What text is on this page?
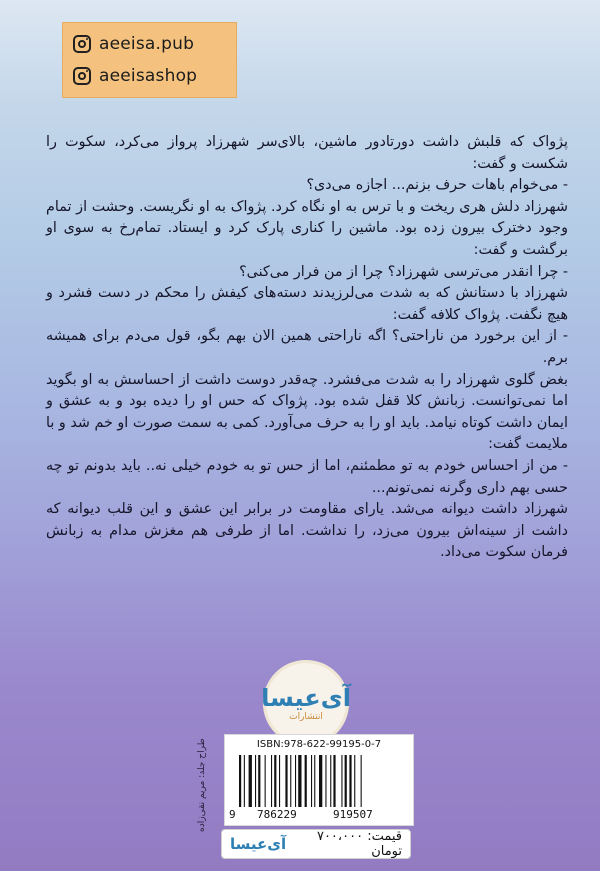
aeeisa.pub
aeeisashop

پژواک که قلبش داشت دورتادور ماشین، بالای‌سر شهرزاد پرواز می‌کرد، سکوت را شکست و گفت:

- می‌خوام باهات حرف بزنم... اجازه می‌دی؟

شهرزاد دلش هری ریخت و با ترس به او نگاه کرد. پژواک به او نگریست. وحشت از تمام وجود دخترک بیرون زده بود. ماشین را کناری پارک کرد و ایستاد. تمام‌رخ به سوی او برگشت و گفت:

- چرا انقدر می‌ترسی شهرزاد؟ چرا از من فرار می‌کنی؟

شهرزاد با دستانش که به شدت می‌لرزیدند دسته‌های کیفش را محکم در دست فشرد و هیچ نگفت. پژواک کلافه گفت:

- از این برخورد من ناراحتی؟ اگه ناراحتی همین الان بهم بگو، قول می‌دم برای همیشه برم.

بغض گلوی شهرزاد را به شدت می‌فشرد. چه‌قدر دوست داشت از احساسش به او بگوید اما نمی‌توانست. زبانش کلا قفل شده بود. پژواک که حس او را دیده بود و به عشق و ایمان داشت کوتاه نیامد. باید او را به حرف می‌آورد. کمی به سمت صورت او خم شد و با ملایمت گفت:

- من از احساس خودم به تو مطمئنم، اما از حس تو به خودم خیلی نه.. باید بدونم تو چه حسی بهم داری وگرنه نمی‌تونم...

شهرزاد داشت دیوانه می‌شد. یارای مقاومت در برابر این عشق و این قلب دیوانه که داشت از سینه‌اش بیرون می‌زد، را نداشت. اما از طرفی هم مغزش مدام به زبانش فرمان سکوت می‌داد.

آی‌عیسا
انتشارات
طراح جلد: مریم نقی‌زاده	ISBN:978-622-99195-0-7
9 786229	919507
قیمت: ۷۰۰،۰۰۰ تومان
آی‌عیسا
